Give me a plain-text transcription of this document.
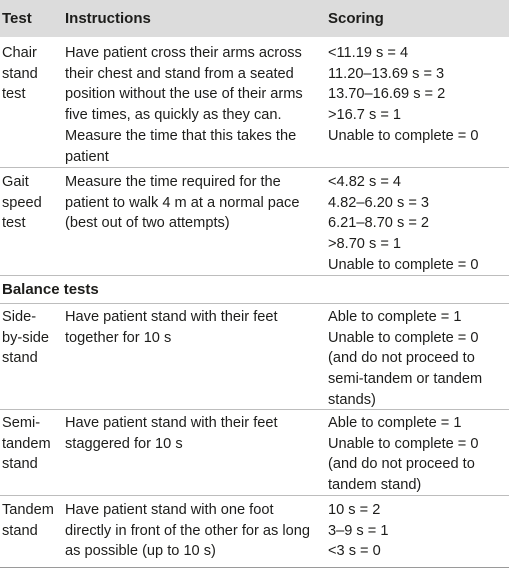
Test Instructions	Scoring
Chair
stand
test
Have patient cross their arms across
their chest and stand from a seated
position without the use of their arms
five times, as quickly as they can.
Measure the time that this takes the
patient
<11.19 s = 4
11.20–13.69 s = 3
13.70–16.69 s = 2
>16.7 s = 1
Unable to complete = 0
Gait
speed
test
Measure the time required for the
patient to walk 4 m at a normal pace
(best out of two attempts)
<4.82 s = 4
4.82–6.20 s = 3
6.21–8.70 s = 2
>8.70 s = 1
Unable to complete = 0
Balance tests
Side-
by-side
stand
Have patient stand with their feet
together for 10 s
Able to complete = 1
Unable to complete = 0
(and do not proceed to
semi-tandem or tandem
stands)
Semi-
tandem
stand
Have patient stand with their feet
staggered for 10 s
Able to complete = 1
Unable to complete = 0
(and do not proceed to
tandem stand)
Tandem
stand
Have patient stand with one foot
directly in front of the other for as long
as possible (up to 10 s)
10 s = 2
3–9 s = 1
<3 s = 0
